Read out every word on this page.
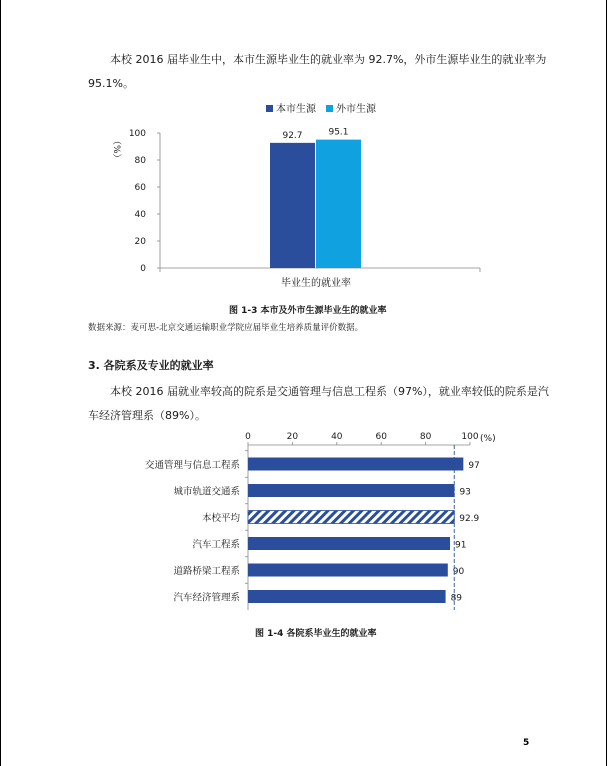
本校 2016 届毕业生中，本市生源毕业生的就业率为 92.7%，外市生源毕业生的就业率为
95.1%。
本市生源 外市生源
（%）
0
20
40
60
80
100	92.7	95.1
毕业生的就业率
图 1-3 本市及外市生源毕业生的就业率
数据来源：麦可思-北京交通运输职业学院应届毕业生培养质量评价数据。
3. 各院系及专业的就业率
本校 2016 届就业率较高的院系是交通管理与信息工程系（97%），就业率较低的院系是汽
车经济管理系（89%）。
0	20	40	60	80	100 (%)
交通管理与信息工程系	97
城市轨道交通系	93
本校平均	92.9
汽车工程系	91
道路桥梁工程系	90
汽车经济管理系	89
图 1-4 各院系毕业生的就业率
5
